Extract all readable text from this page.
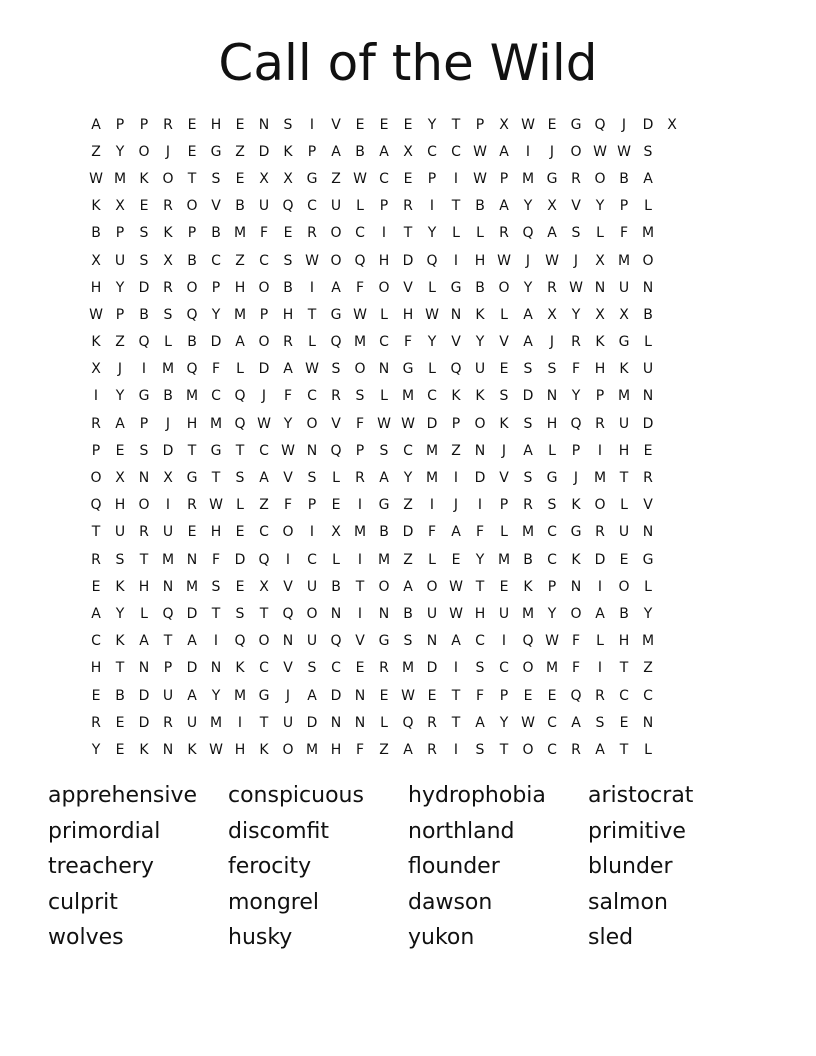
Call of the Wild
A	P	P	R	E	H	E	N	S	I	V	E	E	E	Y	T	P	X W E	G Q	J	D X
Z	Y	O	J	E	G Z D	K	P	A	B	A	X	C	C W A	I	J	O W W S
W M K O	T	S	E	X	X G Z W C	E	P	I	W P M G R O B	A
K	X	E	R O V	B	U Q C U	L	P	R	I	T	B	A	Y	X	V	Y	P	L
B	P	S	K	P	B M F	E	R O C	I	T	Y	L	L	R Q A	S	L	F M
X	U	S	X	B	C	Z	C	S W O Q H D Q	I	H W	J	W	J	X M O
H	Y	D R O	P	H O B	I	A	F	O V	L	G B O	Y	R W N U N
W P	B	S	Q	Y M P	H	T	G W L	H W N	K	L	A	X	Y	X	X	B
K	Z Q	L	B D A O R	L	Q M C	F	Y	V	Y	V	A	J	R	K G	L
X	J	I	M Q	F	L	D A W S	O N G	L	Q U	E	S	S	F	H	K	U
I	Y	G B M C Q	J	F	C	R	S	L	M C	K	K	S	D N	Y	P M N
R	A	P	J	H M Q W Y	O V	F W W D	P	O K	S	H Q R	U D
P	E	S	D	T	G	T	C W N Q	P	S	C M Z N	J	A	L	P	I	H	E
O X N X G	T	S	A	V	S	L	R	A	Y M	I	D V	S	G	J	M T	R
Q H O	I	R W L	Z	F	P	E	I	G Z	I	J	I	P	R	S	K O	L	V
T	U	R	U	E	H	E	C O	I	X M B D	F	A	F	L	M C G R	U N
R	S	T M N	F	D Q	I	C	L	I	M Z	L	E	Y M B	C	K	D	E	G
E	K	H N M S	E	X	V	U	B	T	O A O W T	E	K	P	N	I	O	L
A	Y	L	Q D	T	S	T	Q O N	I	N B	U W H U M Y	O A	B	Y
C	K	A	T	A	I	Q O N U Q V G	S	N A	C	I	Q W F	L	H M
H	T	N	P	D N	K	C	V	S	C	E	R M D	I	S	C O M F	I	T	Z
E	B D U	A	Y M G	J	A D N	E W E	T	F	P	E	E	Q R	C	C
R	E	D R	U M	I	T	U D N N	L	Q R	T	A	Y W C	A	S	E	N
Y	E	K	N	K W H	K O M H	F	Z	A	R	I	S	T	O C	R	A	T	L
apprehensive	conspicuous	hydrophobia	aristocrat
primordial	discomfit	northland	primitive
treachery	ferocity	flounder	blunder
culprit	mongrel	dawson	salmon
wolves	husky	yukon	sled
